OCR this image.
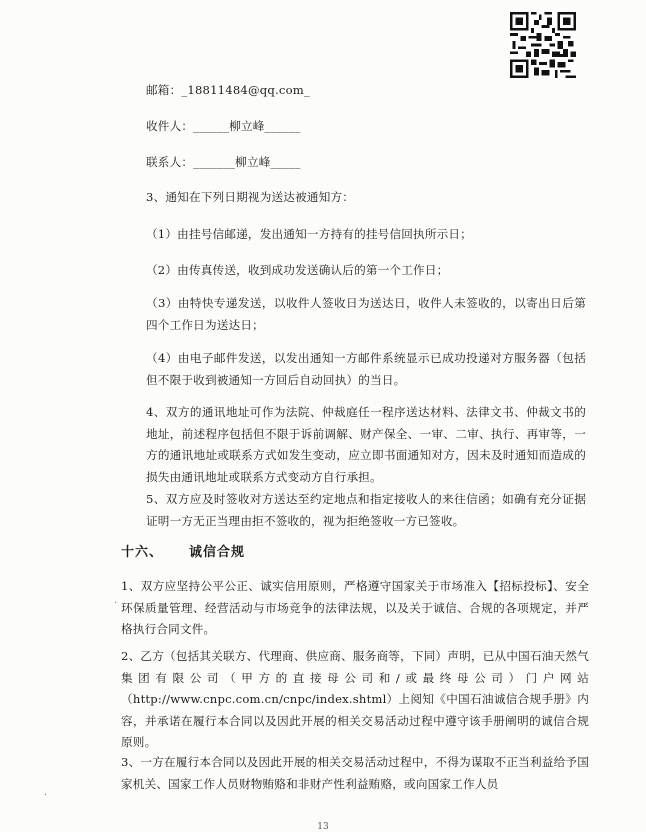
邮箱：_18811484@qq.com_
收件人：______柳立峰______
联系人：_______柳立峰_____
3、通知在下列日期视为送达被通知方：
（1）由挂号信邮递，发出通知一方持有的挂号信回执所示日；
（2）由传真传送，收到成功发送确认后的第一个工作日；
（3）由特快专递发送，以收件人签收日为送达日，收件人未签收的，以寄出日后第四个工作日为送达日；
（4）由电子邮件发送，以发出通知一方邮件系统显示已成功投递对方服务器（包括但不限于收到被通知一方回后自动回执）的当日。
4、双方的通讯地址可作为法院、仲裁庭任一程序送达材料、法律文书、仲裁文书的地址，前述程序包括但不限于诉前调解、财产保全、一审、二审、执行、再审等，一方的通讯地址或联系方式如发生变动，应立即书面通知对方，因未及时通知而造成的损失由通讯地址或联系方式变动方自行承担。
5、双方应及时签收对方送达至约定地点和指定接收人的来往信函；如确有充分证据证明一方无正当理由拒不签收的，视为拒绝签收一方已签收。
十六、 诚信合规
1、双方应坚持公平公正、诚实信用原则，严格遵守国家关于市场准入【招标投标】、安全环保质量管理、经营活动与市场竞争的法律法规，以及关于诚信、合规的各项规定，并严格执行合同文件。
2、乙方（包括其关联方、代理商、供应商、服务商等，下同）声明，已从中国石油天然气集团有限公司（甲方的直接母公司和/或最终母公司）门户网站（http://www.cnpc.com.cn/cnpc/index.shtml）上阅知《中国石油诚信合规手册》内容，并承诺在履行本合同以及因此开展的相关交易活动过程中遵守该手册阐明的诚信合规原则。
3、一方在履行本合同以及因此开展的相关交易活动过程中，不得为谋取不正当利益给予国家机关、国家工作人员财物贿赂和非财产性利益贿赂，或向国家工作人员
·
·
13
